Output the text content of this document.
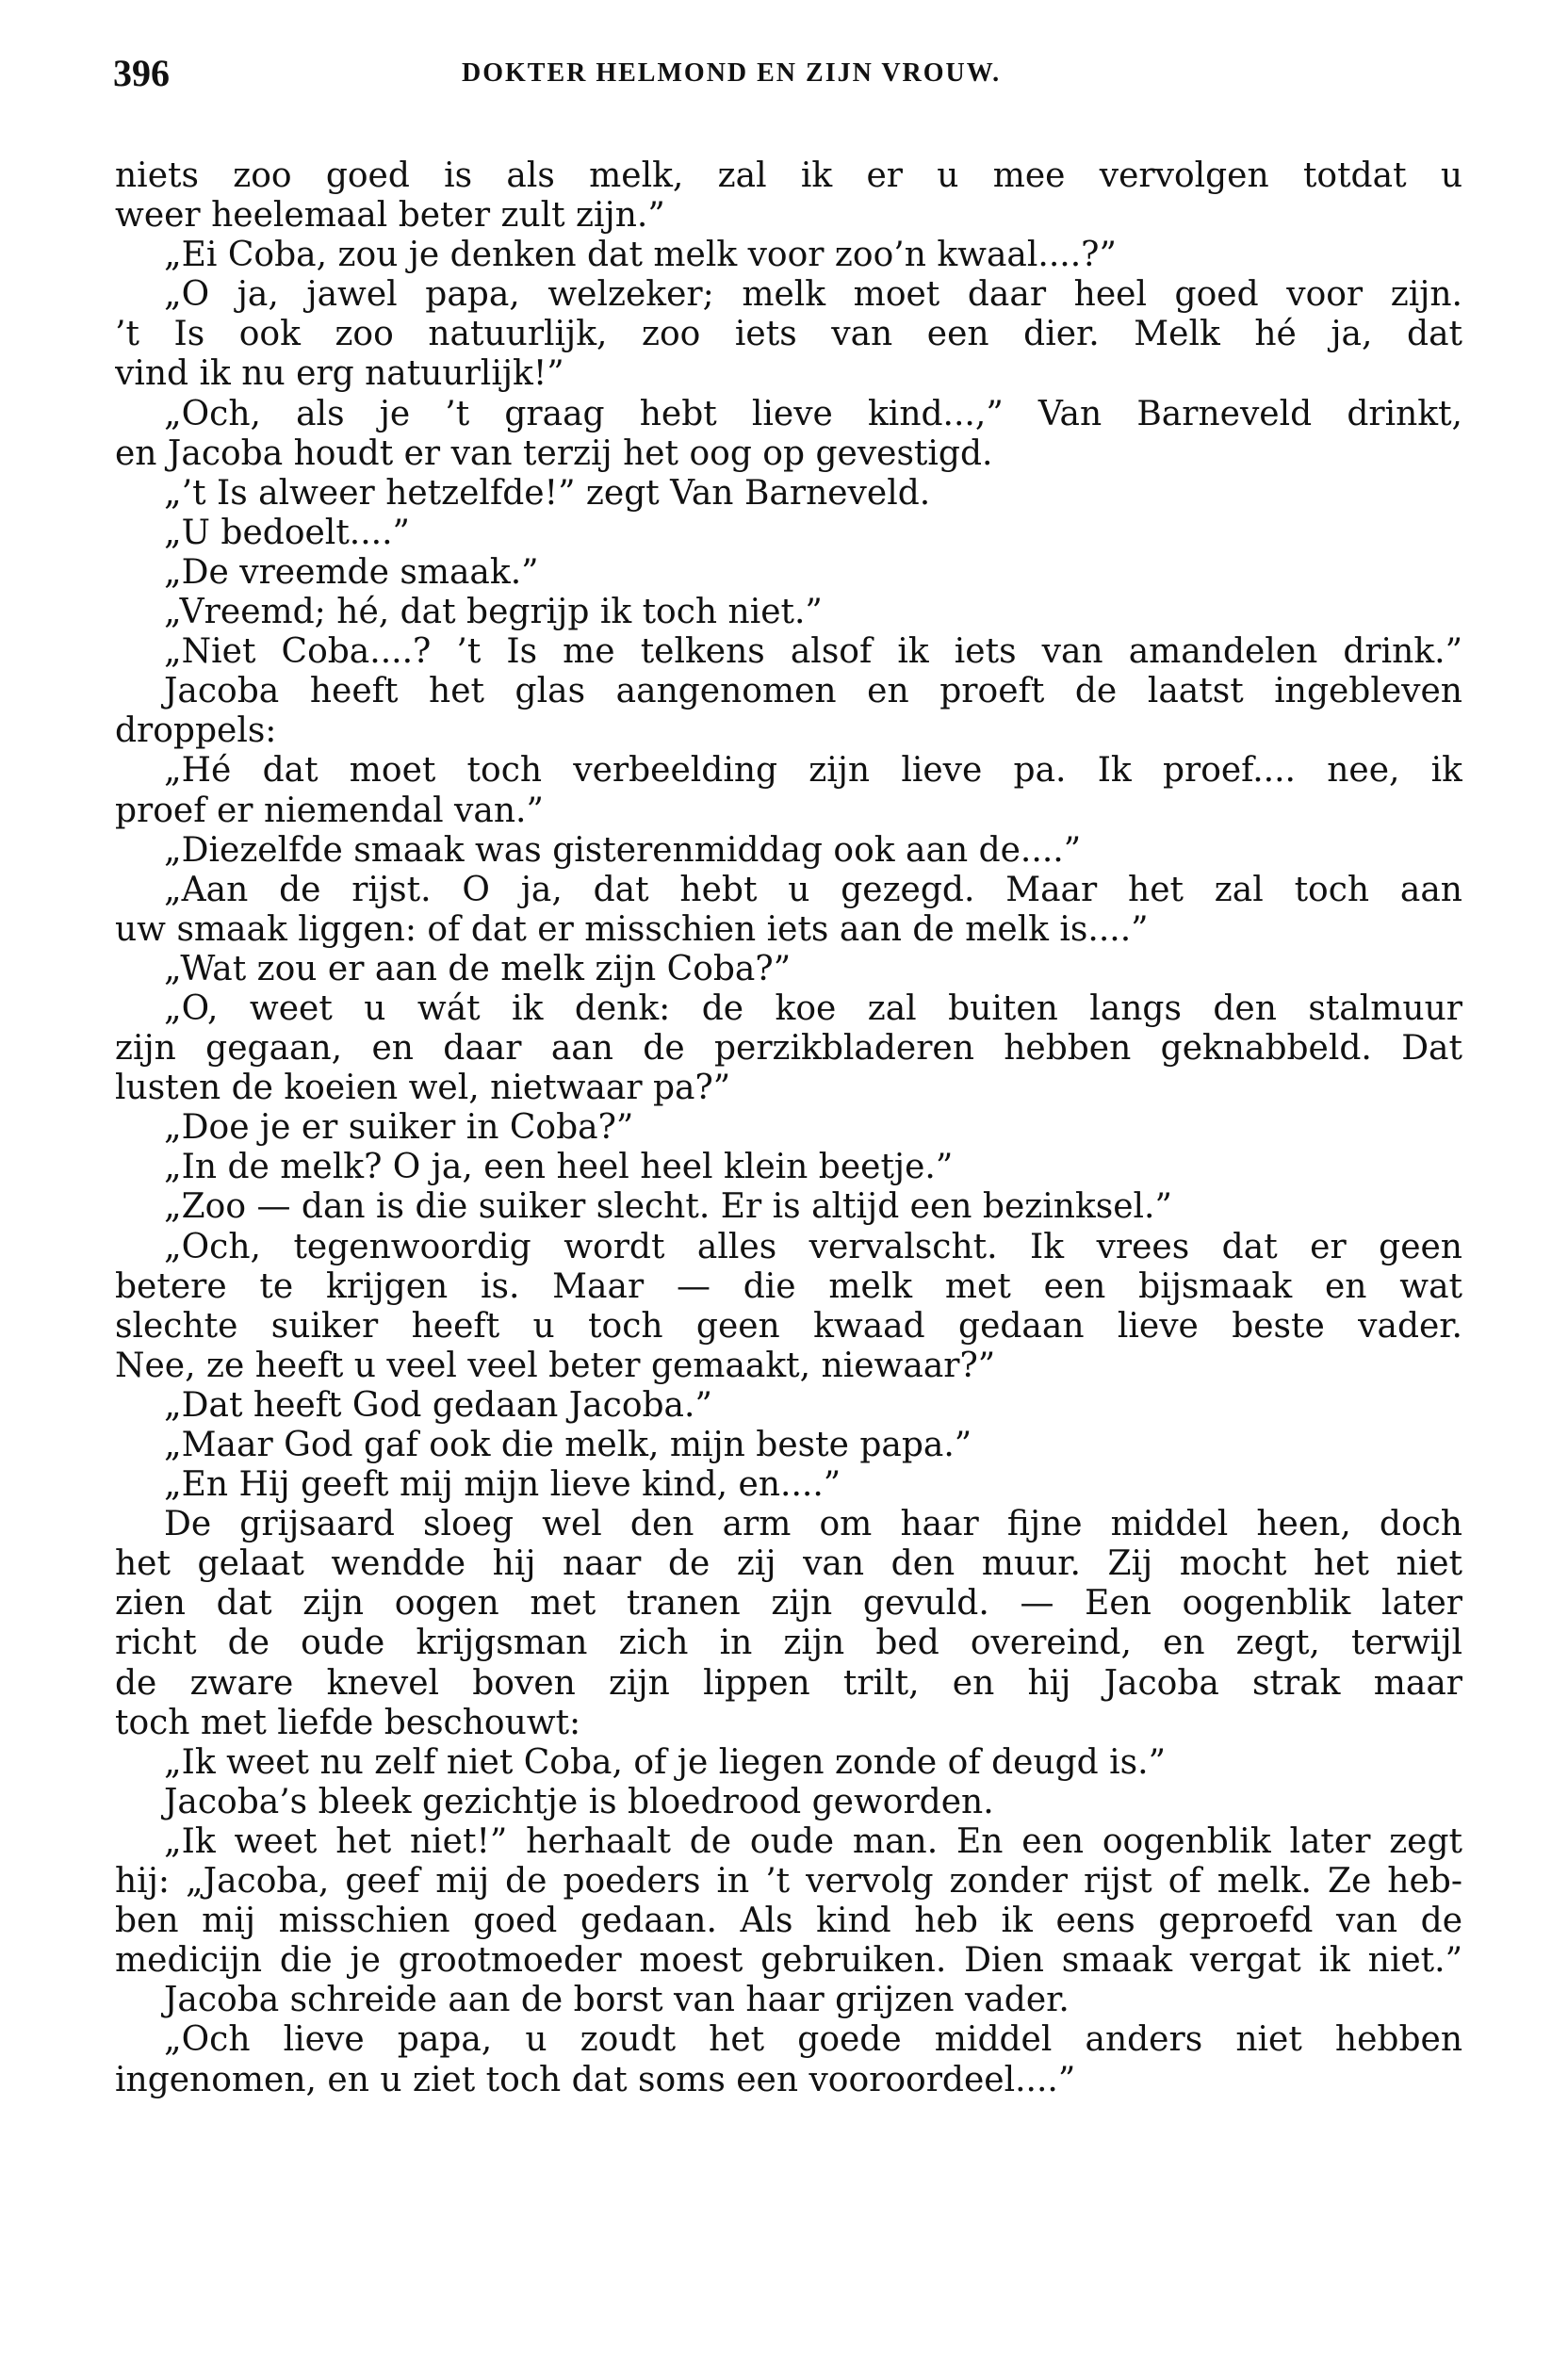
396	DOKTER HELMOND EN ZIJN VROUW.
niets zoo goed is als melk, zal ik er u mee vervolgen totdat u
weer heelemaal beter zult zijn.”
„Ei Coba, zou je denken dat melk voor zoo’n kwaal....?”
„O ja, jawel papa, welzeker; melk moet daar heel goed voor zijn.
’t Is ook zoo natuurlijk, zoo iets van een dier. Melk hé ja, dat
vind ik nu erg natuurlijk!”
„Och, als je ’t graag hebt lieve kind...,” Van Barneveld drinkt,
en Jacoba houdt er van terzij het oog op gevestigd.
„’t Is alweer hetzelfde!” zegt Van Barneveld.
„U bedoelt....”
„De vreemde smaak.”
„Vreemd; hé, dat begrijp ik toch niet.”
„Niet Coba....? ’t Is me telkens alsof ik iets van amandelen drink.”
Jacoba heeft het glas aangenomen en proeft de laatst ingebleven
droppels:
„Hé dat moet toch verbeelding zijn lieve pa. Ik proef.... nee, ik
proef er niemendal van.”
„Diezelfde smaak was gisterenmiddag ook aan de....”
„Aan de rijst. O ja, dat hebt u gezegd. Maar het zal toch aan
uw smaak liggen: of dat er misschien iets aan de melk is....”
„Wat zou er aan de melk zijn Coba?”
„O, weet u wát ik denk: de koe zal buiten langs den stalmuur
zijn gegaan, en daar aan de perzikbladeren hebben geknabbeld. Dat
lusten de koeien wel, nietwaar pa?”
„Doe je er suiker in Coba?”
„In de melk? O ja, een heel heel klein beetje.”
„Zoo — dan is die suiker slecht. Er is altijd een bezinksel.”
„Och, tegenwoordig wordt alles vervalscht. Ik vrees dat er geen
betere te krijgen is. Maar — die melk met een bijsmaak en wat
slechte suiker heeft u toch geen kwaad gedaan lieve beste vader.
Nee, ze heeft u veel veel beter gemaakt, niewaar?”
„Dat heeft God gedaan Jacoba.”
„Maar God gaf ook die melk, mijn beste papa.”
„En Hij geeft mij mijn lieve kind, en....”
De grijsaard sloeg wel den arm om haar fijne middel heen, doch
het gelaat wendde hij naar de zij van den muur. Zij mocht het niet
zien dat zijn oogen met tranen zijn gevuld. — Een oogenblik later
richt de oude krijgsman zich in zijn bed overeind, en zegt, terwijl
de zware knevel boven zijn lippen trilt, en hij Jacoba strak maar
toch met liefde beschouwt:
„Ik weet nu zelf niet Coba, of je liegen zonde of deugd is.”
Jacoba’s bleek gezichtje is bloedrood geworden.
„Ik weet het niet!” herhaalt de oude man. En een oogenblik later zegt
hij: „Jacoba, geef mij de poeders in ’t vervolg zonder rijst of melk. Ze heb-
ben mij misschien goed gedaan. Als kind heb ik eens geproefd van de
medicijn die je grootmoeder moest gebruiken. Dien smaak vergat ik niet.”
Jacoba schreide aan de borst van haar grijzen vader.
„Och lieve papa, u zoudt het goede middel anders niet hebben
ingenomen, en u ziet toch dat soms een vooroordeel....”
